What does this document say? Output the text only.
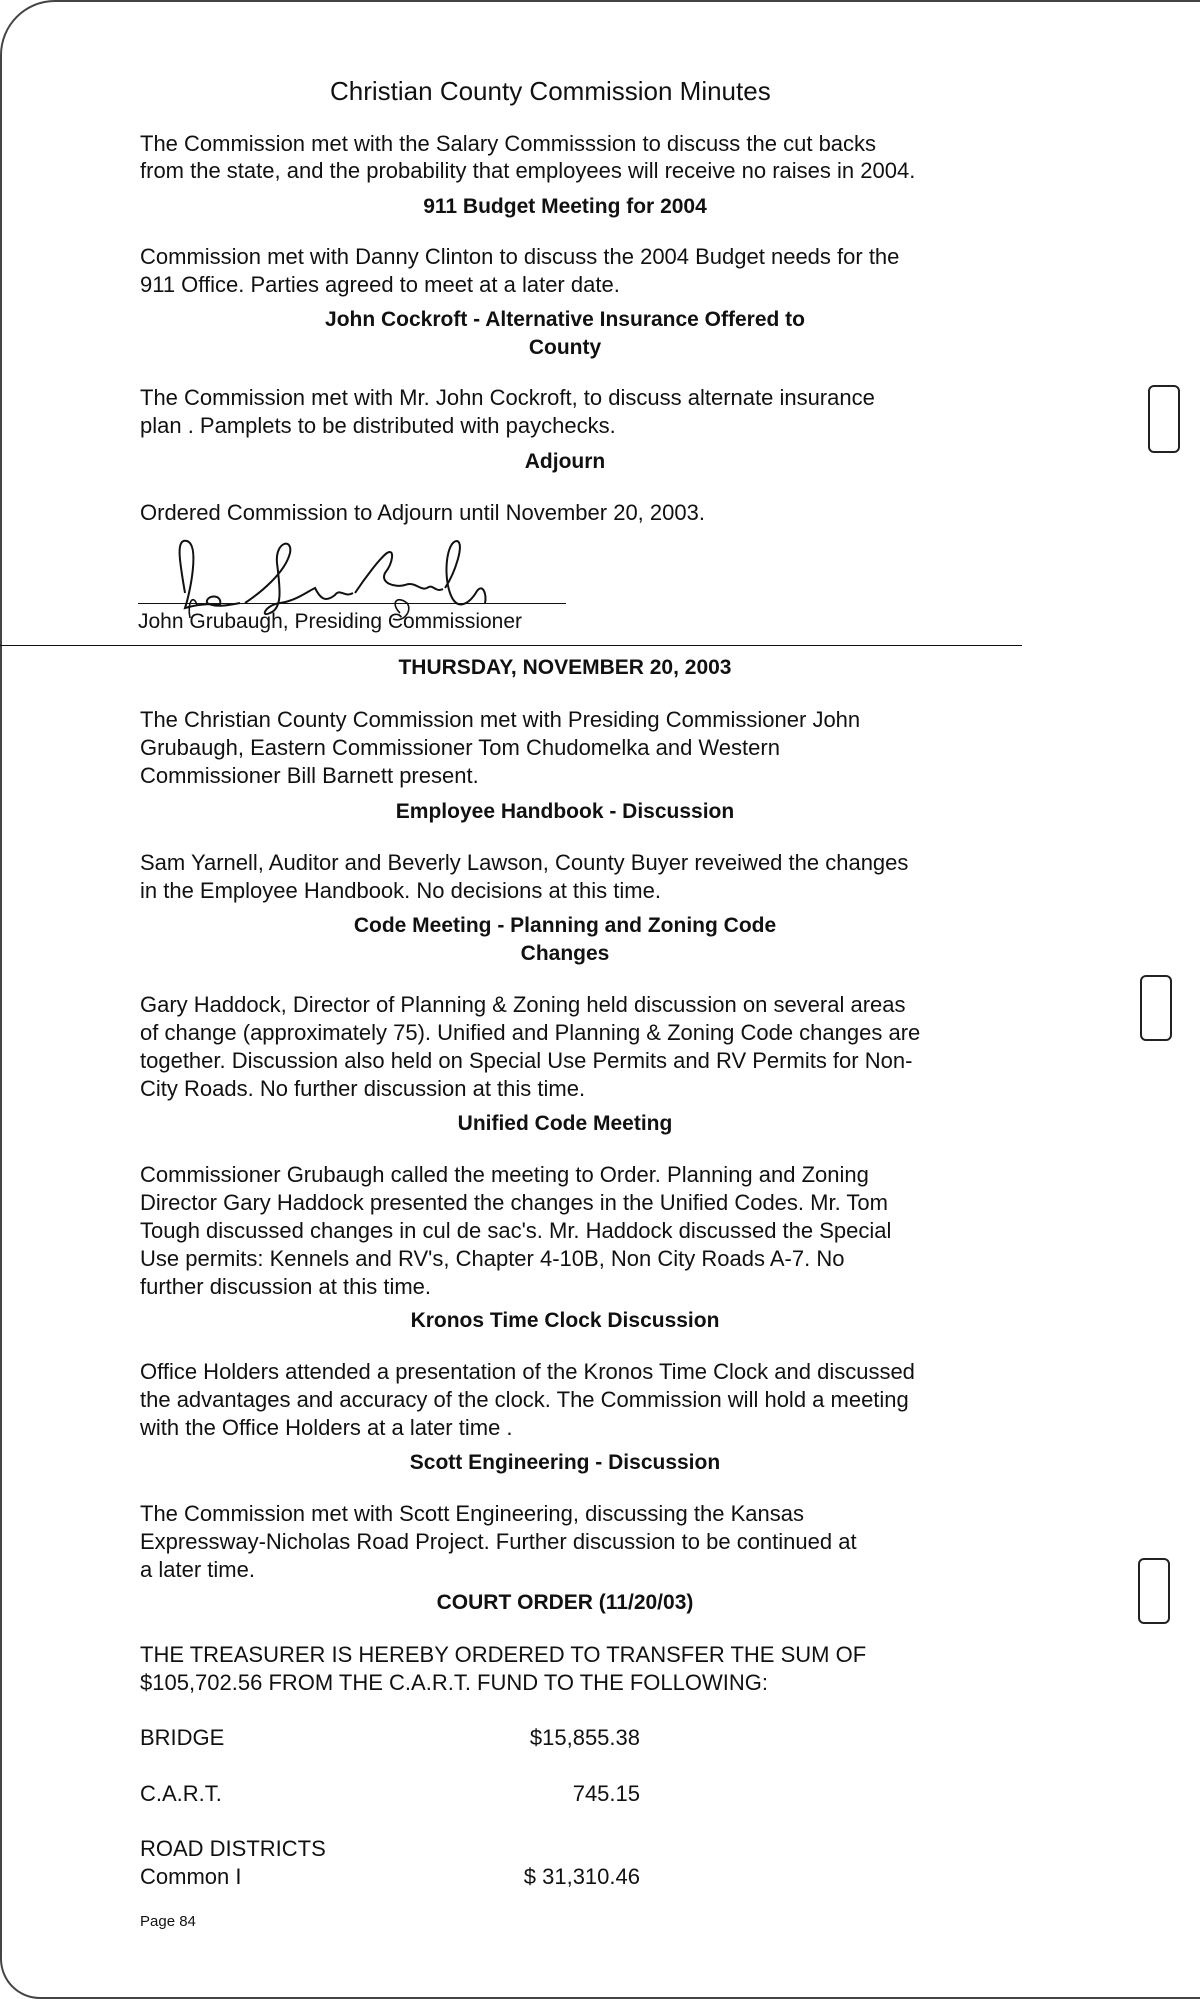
Christian County Commission Minutes
The Commission met with the Salary Commisssion to discuss the cut backs
from the state, and the probability that employees will receive no raises in 2004.
911 Budget Meeting for 2004
Commission met with Danny Clinton to discuss the 2004 Budget needs for the
911 Office. Parties agreed to meet at a later date.
John Cockroft - Alternative Insurance Offered to
County
The Commission met with Mr. John Cockroft, to discuss alternate insurance
plan . Pamplets to be distributed with paychecks.
Adjourn
Ordered Commission to Adjourn until November 20, 2003.
John Grubaugh, Presiding Commissioner
THURSDAY, NOVEMBER 20, 2003
The Christian County Commission met with Presiding Commissioner John
Grubaugh, Eastern Commissioner Tom Chudomelka and Western
Commissioner Bill Barnett present.
Employee Handbook - Discussion
Sam Yarnell, Auditor and Beverly Lawson, County Buyer reveiwed the changes
in the Employee Handbook. No decisions at this time.
Code Meeting - Planning and Zoning Code
Changes
Gary Haddock, Director of Planning & Zoning held discussion on several areas
of change (approximately 75). Unified and Planning & Zoning Code changes are
together. Discussion also held on Special Use Permits and RV Permits for Non-
City Roads. No further discussion at this time.
Unified Code Meeting
Commissioner Grubaugh called the meeting to Order. Planning and Zoning
Director Gary Haddock presented the changes in the Unified Codes. Mr. Tom
Tough discussed changes in cul de sac's. Mr. Haddock discussed the Special
Use permits: Kennels and RV's, Chapter 4-10B, Non City Roads A-7. No
further discussion at this time.
Kronos Time Clock Discussion
Office Holders attended a presentation of the Kronos Time Clock and discussed
the advantages and accuracy of the clock. The Commission will hold a meeting
with the Office Holders at a later time .
Scott Engineering - Discussion
The Commission met with Scott Engineering, discussing the Kansas
Expressway-Nicholas Road Project. Further discussion to be continued at
a later time.
COURT ORDER (11/20/03)
THE TREASURER IS HEREBY ORDERED TO TRANSFER THE SUM OF
$105,702.56 FROM THE C.A.R.T. FUND TO THE FOLLOWING:
BRIDGE	$15,855.38
C.A.R.T.	745.15
ROAD DISTRICTS
Common I	$ 31,310.46
Page 84
